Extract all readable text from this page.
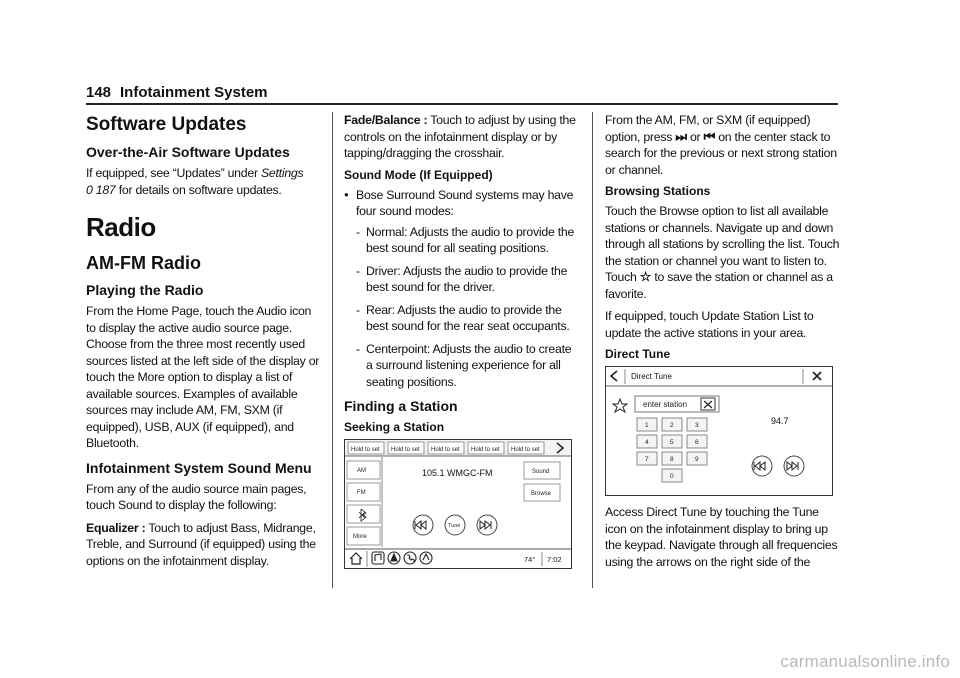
148 Infotainment System
Software Updates
Over-the-Air Software Updates

If equipped, see “Updates” under Settings
0 187 for details on software updates.

Radio
AM-FM Radio
Playing the Radio

From the Home Page, touch the Audio icon to display the active audio source page. Choose from the three most recently used sources listed at the left side of the display or touch the More option to display a list of available sources. Examples of available sources may include AM, FM, SXM (if equipped), USB, AUX (if equipped), and Bluetooth.

Infotainment System Sound Menu

From any of the audio source main pages, touch Sound to display the following:

Equalizer : Touch to adjust Bass, Midrange, Treble, and Surround (if equipped) using the options on the infotainment display.

Fade/Balance : Touch to adjust by using the controls on the infotainment display or by tapping/dragging the crosshair.

Sound Mode (If Equipped)
● Bose Surround Sound systems may have four sound modes:
- Normal: Adjusts the audio to provide the best sound for all seating positions.
- Driver: Adjusts the audio to provide the best sound for the driver.
- Rear: Adjusts the audio to provide the best sound for the rear seat occupants.
- Centerpoint: Adjusts the audio to create a surround listening experience for all seating positions.
Finding a Station
Seeking a Station
Hold to set Hold to set Hold to set Hold to set Hold to set
AM
FM
More
105.1 WMGC-FM	Sound
Browse
Tune
74° 7:02

From the AM, FM, or SXM (if equipped) option, press ⏭ or ⏮ on the center stack to search for the previous or next strong station or channel.

Browsing Stations

Touch the Browse option to list all available stations or channels. Navigate up and down through all stations by scrolling the list. Touch the station or channel you want to listen to. Touch ☆ to save the station or channel as a favorite.

If equipped, touch Update Station List to update the active stations in your area.

Direct Tune
Direct Tune
enter station
1	2	3
4	5	6
7	8	9
0
94.7

Access Direct Tune by touching the Tune icon on the infotainment display to bring up the keypad. Navigate through all frequencies using the arrows on the right side of the

carmanualsonline.info
